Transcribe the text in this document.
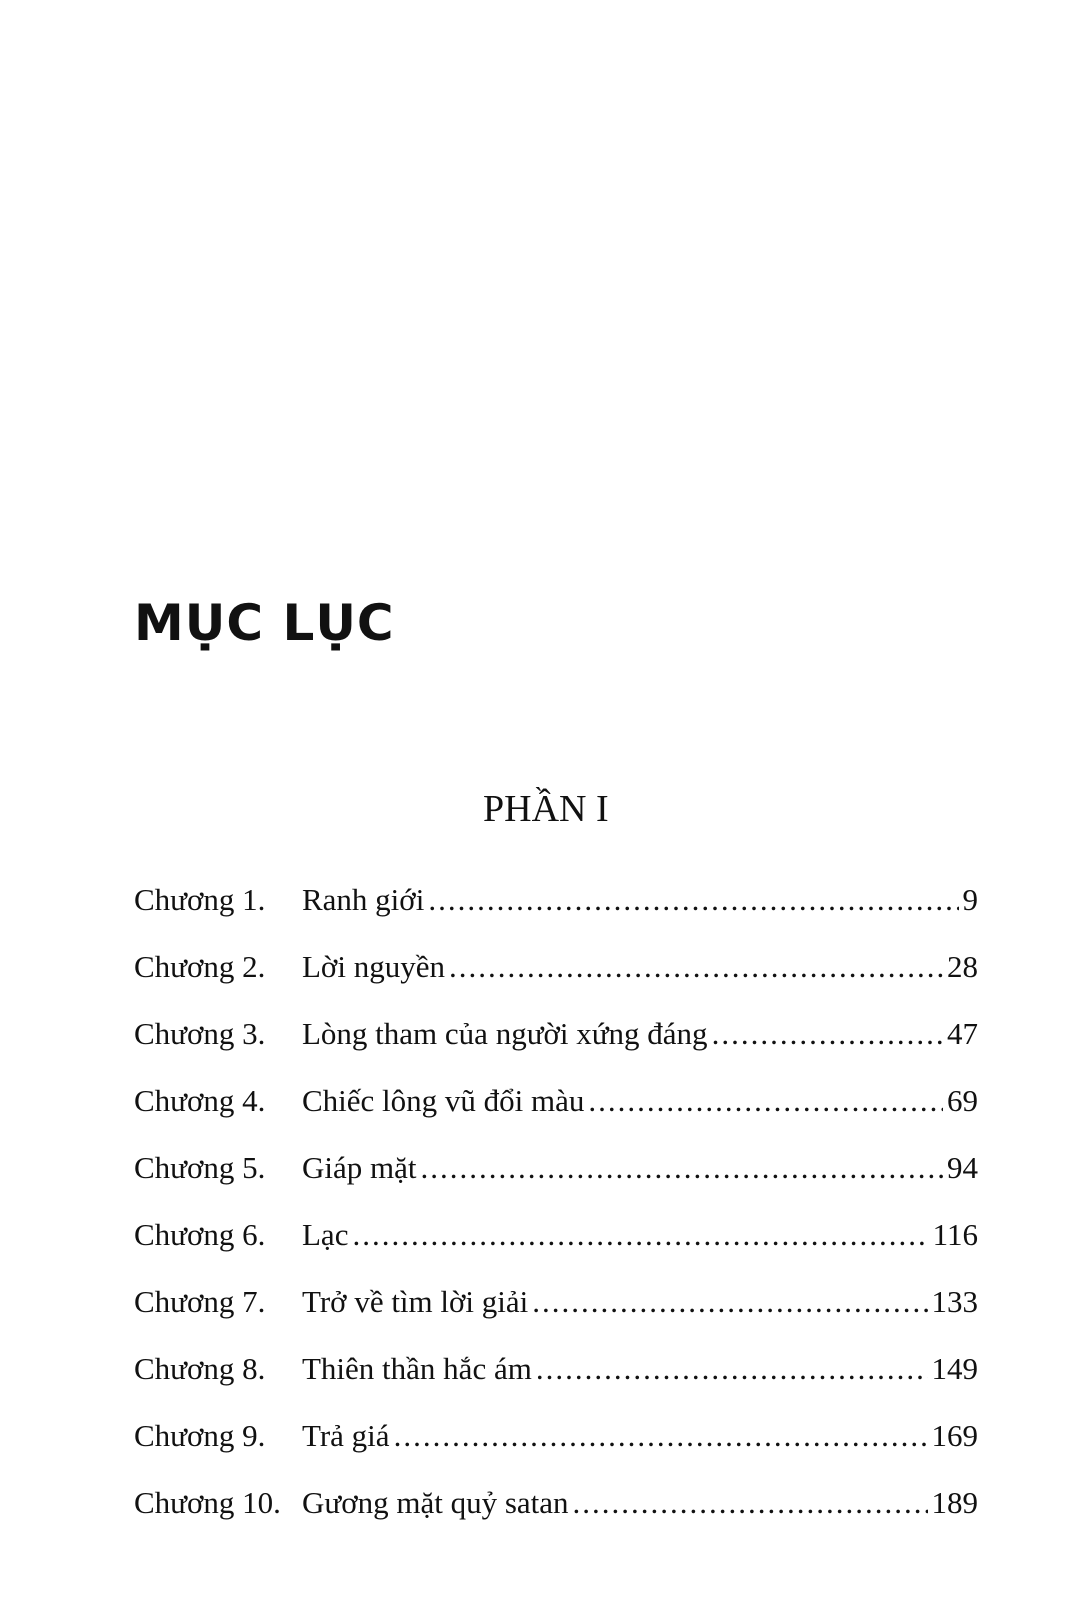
MỤC LỤC
PHẦN I
Chương 1.	Ranh giới .....	9
Chương 2.	Lời nguyền .....	28
Chương 3.	Lòng tham của người xứng đáng .....	47
Chương 4.	Chiếc lông vũ đổi màu .....	69
Chương 5.	Giáp mặt .....	94
Chương 6.	Lạc .....	116
Chương 7.	Trở về tìm lời giải .....	133
Chương 8.	Thiên thần hắc ám .....	149
Chương 9.	Trả giá .....	169
Chương 10. Gương mặt quỷ satan .....	189
